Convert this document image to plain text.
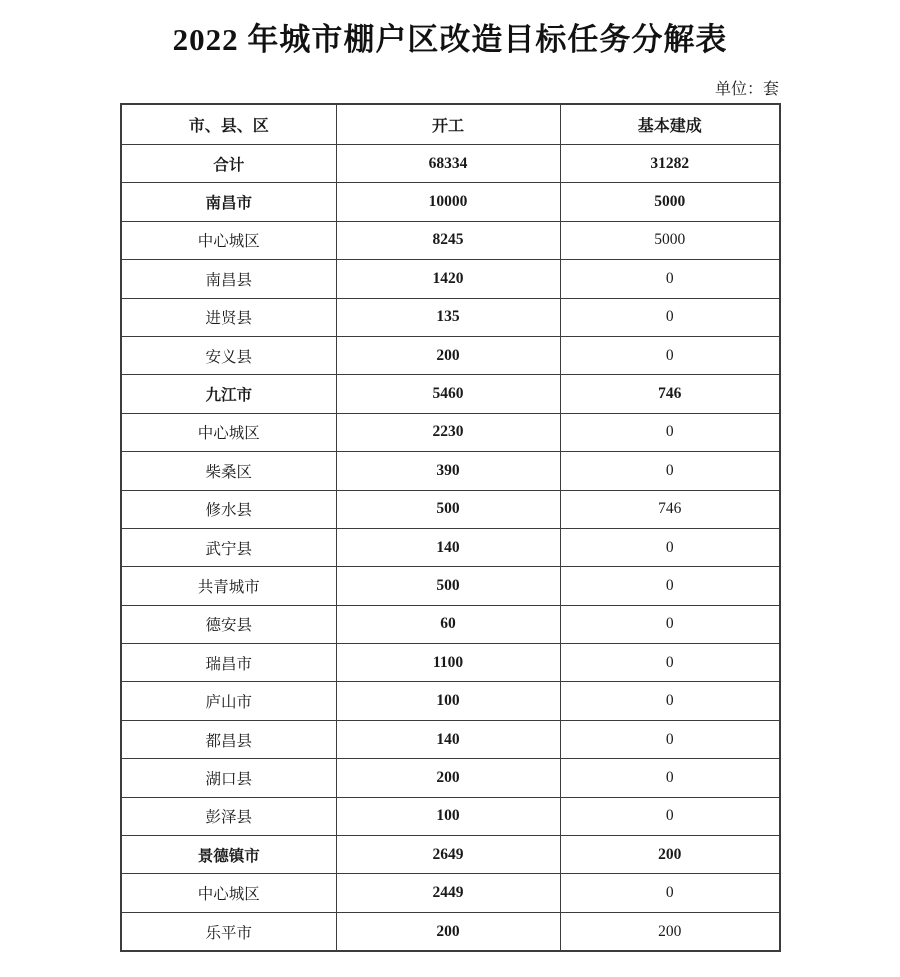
2022 年城市棚户区改造目标任务分解表
单位：套
市、县、区	开工	基本建成
合计	68334	31282
南昌市	10000	5000
中心城区	8245	5000
南昌县	1420	0
进贤县	135	0
安义县	200	0
九江市	5460	746
中心城区	2230	0
柴桑区	390	0
修水县	500	746
武宁县	140	0
共青城市	500	0
德安县	60	0
瑞昌市	1100	0
庐山市	100	0
都昌县	140	0
湖口县	200	0
彭泽县	100	0
景德镇市	2649	200
中心城区	2449	0
乐平市	200	200
